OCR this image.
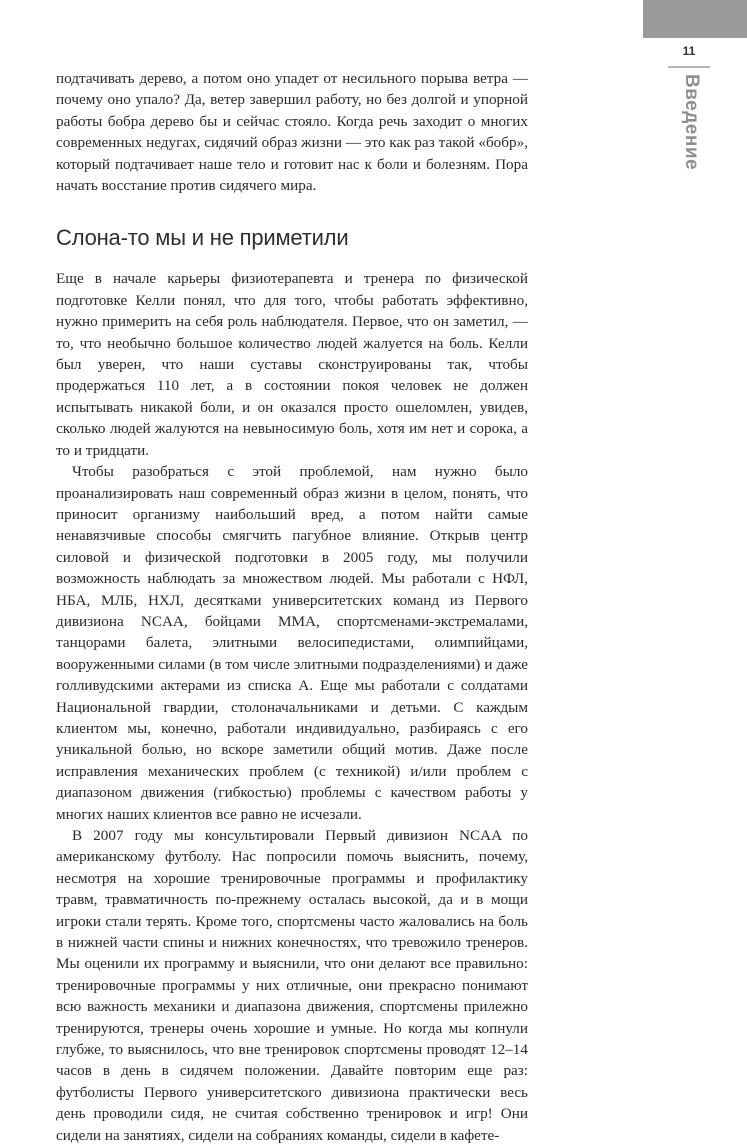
11
Введение

подтачивать дерево, а потом оно упадет от несильного порыва ветра — почему оно упало? Да, ветер завершил работу, но без долгой и упорной работы бобра дерево бы и сейчас стояло. Когда речь заходит о многих современных недугах, сидячий образ жизни — это как раз такой «бобр», который подтачивает наше тело и готовит нас к боли и болезням. Пора начать восстание против сидячего мира.

Слона-то мы и не приметили

Еще в начале карьеры физиотерапевта и тренера по физической подготовке Келли понял, что для того, чтобы работать эффективно, нужно примерить на себя роль наблюдателя. Первое, что он заметил, — то, что необычно большое количество людей жалуется на боль. Келли был уверен, что наши суставы сконструированы так, чтобы продержаться 110 лет, а в состоянии покоя человек не должен испытывать никакой боли, и он оказался просто ошеломлен, увидев, сколько людей жалуются на невыносимую боль, хотя им нет и сорока, а то и тридцати.

Чтобы разобраться с этой проблемой, нам нужно было проанализировать наш современный образ жизни в целом, понять, что приносит организму наибольший вред, а потом найти самые ненавязчивые способы смягчить пагубное влияние. Открыв центр силовой и физической подготовки в 2005 году, мы получили возможность наблюдать за множеством людей. Мы работали с НФЛ, НБА, МЛБ, НХЛ, десятками университетских команд из Первого дивизиона NCAA, бойцами MMA, спортсменами-экстремалами, танцорами балета, элитными велосипедистами, олимпийцами, вооруженными силами (в том числе элитными подразделениями) и даже голливудскими актерами из списка А. Еще мы работали с солдатами Национальной гвардии, столоначальниками и детьми. С каждым клиентом мы, конечно, работали индивидуально, разбираясь с его уникальной болью, но вскоре заметили общий мотив. Даже после исправления механических проблем (с техникой) и/или проблем с диапазоном движения (гибкостью) проблемы с качеством работы у многих наших клиентов все равно не исчезали.

В 2007 году мы консультировали Первый дивизион NCAA по американскому футболу. Нас попросили помочь выяснить, почему, несмотря на хорошие тренировочные программы и профилактику травм, травматичность по-прежнему осталась высокой, да и в мощи игроки стали терять. Кроме того, спортсмены часто жаловались на боль в нижней части спины и нижних конечностях, что тревожило тренеров. Мы оценили их программу и выяснили, что они делают все правильно: тренировочные программы у них отличные, они прекрасно понимают всю важность механики и диапазона движения, спортсмены прилежно тренируются, тренеры очень хорошие и умные. Но когда мы копнули глубже, то выяснилось, что вне тренировок спортсмены проводят 12–14 часов в день в сидячем положении. Давайте повторим еще раз: футболисты Первого университетского дивизиона практически весь день проводили сидя, не считая собственно тренировок и игр! Они сидели на занятиях, сидели на собраниях команды, сидели в кафете-
